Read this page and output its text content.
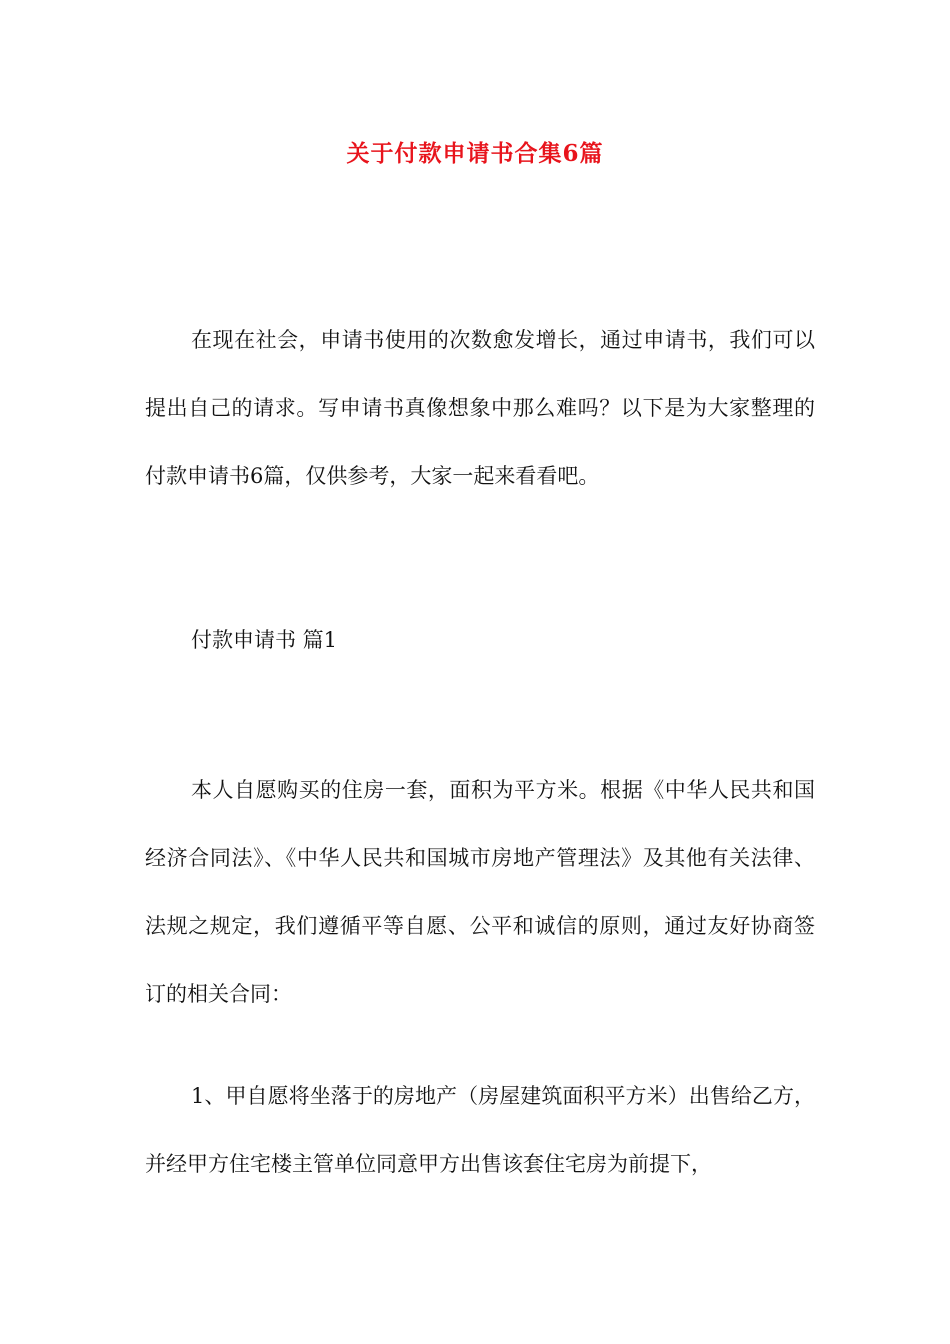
关于付款申请书合集6篇
在现在社会，申请书使用的次数愈发增长，通过申请书，我们可以提出自己的请求。写申请书真像想象中那么难吗？以下是为大家整理的付款申请书6篇，仅供参考，大家一起来看看吧。
付款申请书 篇1
本人自愿购买的住房一套，面积为平方米。根据《中华人民共和国经济合同法》、《中华人民共和国城市房地产管理法》及其他有关法律、法规之规定，我们遵循平等自愿、公平和诚信的原则，通过友好协商签订的相关合同：
1、甲自愿将坐落于的房地产（房屋建筑面积平方米）出售给乙方，并经甲方住宅楼主管单位同意甲方出售该套住宅房为前提下，
